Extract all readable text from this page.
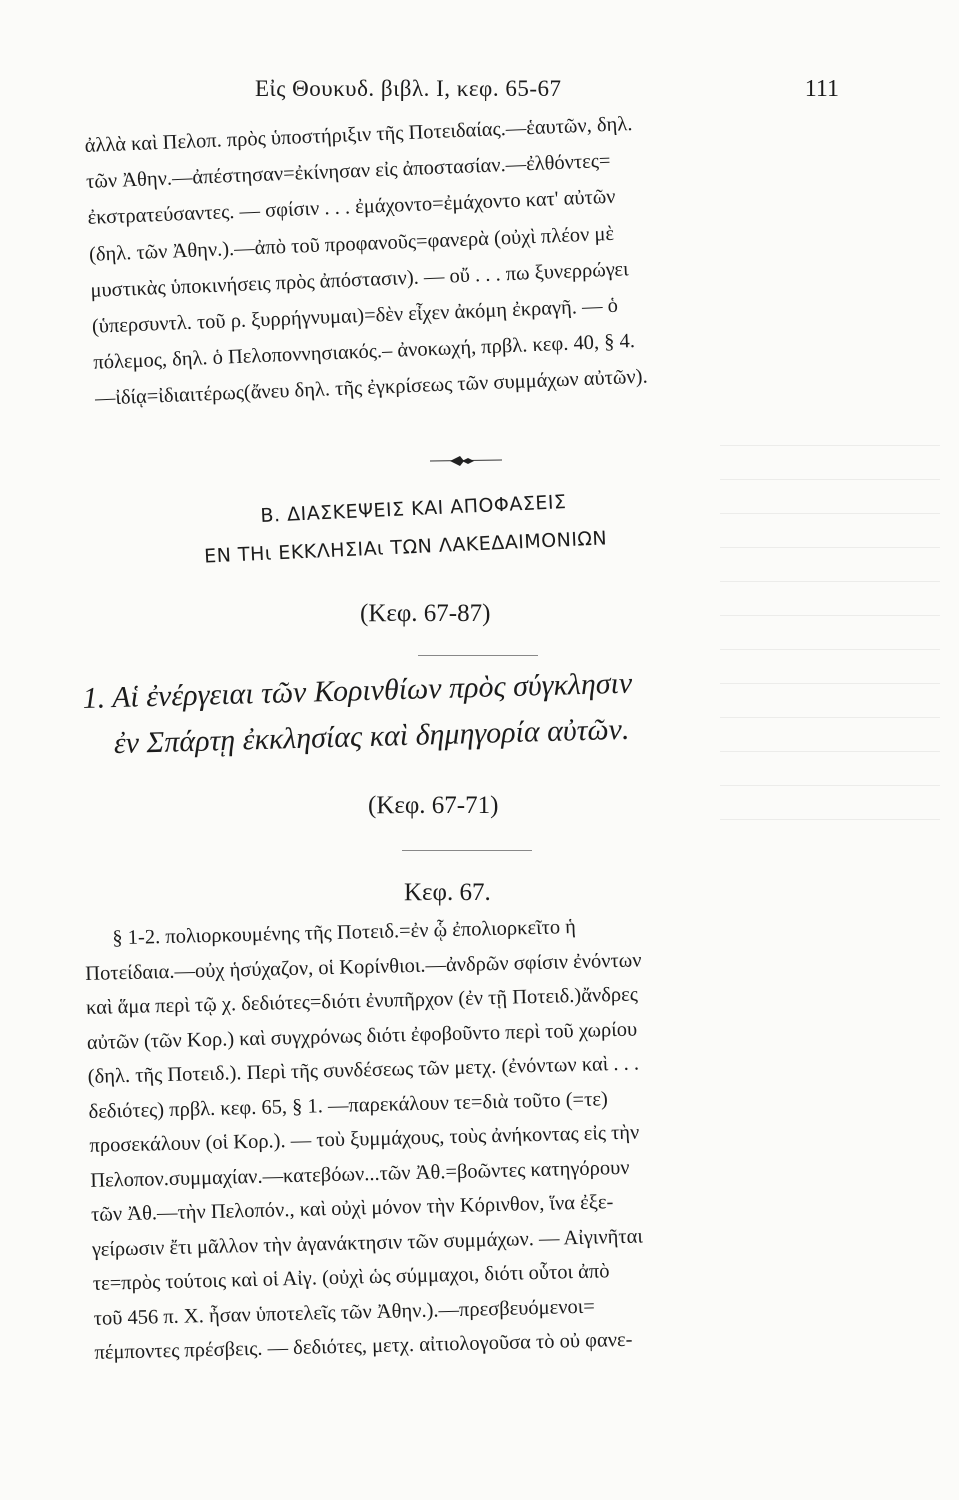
Εἰς Θουκυδ. βιβλ. Ι, κεφ. 65-67	111
ἀλλὰ καὶ Πελοπ. πρὸς ὑποστήριξιν τῆς Ποτειδαίας.—ἑαυτῶν, δηλ.
τῶν Ἀθην.—ἀπέστησαν=ἐκίνησαν εἰς ἀποστασίαν.—ἐλθόντες=
ἐκστρατεύσαντες. — σφίσιν . . . ἐμάχοντο=ἐμάχοντο κατ' αὐτῶν
(δηλ. τῶν Ἀθην.).—ἀπὸ τοῦ προφανοῦς=φανερὰ (οὐχὶ πλέον μὲ
μυστικὰς ὑποκινήσεις πρὸς ἀπόστασιν). — οὔ . . . πω ξυνερρώγει
(ὑπερσυντλ. τοῦ ρ. ξυρρήγνυμαι)=δὲν εἶχεν ἀκόμη ἐκραγῆ. — ὁ
πόλεμος, δηλ. ὁ Πελοποννησιακός.– ἀνοκωχή, πρβλ. κεφ. 40, § 4.
—ἰδίᾳ=ἰδιαιτέρως(ἄνευ δηλ. τῆς ἐγκρίσεως τῶν συμμάχων αὐτῶν).
Β. ΔΙΑΣΚΕΨΕΙΣ ΚΑΙ ΑΠΟΦΑΣΕΙΣ
ΕΝ ΤΗι ΕΚΚΛΗΣΙΑι ΤΩΝ ΛΑΚΕΔΑΙΜΟΝΙΩΝ
(Κεφ. 67-87)
1. Αἱ ἐνέργειαι τῶν Κορινθίων πρὸς σύγκλησιν
ἐν Σπάρτῃ ἐκκλησίας καὶ δημηγορία αὐτῶν.
(Κεφ. 67-71)
Κεφ. 67.
§ 1-2. πολιορκουμένης τῆς Ποτειδ.=ἐν ᾧ ἐπολιορκεῖτο ἡ
Ποτείδαια.—οὐχ ἡσύχαζον, οἱ Κορίνθιοι.—ἀνδρῶν σφίσιν ἐνόντων
καὶ ἅμα περὶ τῷ χ. δεδιότες=διότι ἐνυπῆρχον (ἐν τῇ Ποτειδ.)ἄνδρες
αὐτῶν (τῶν Κορ.) καὶ συγχρόνως διότι ἐφοβοῦντο περὶ τοῦ χωρίου
(δηλ. τῆς Ποτειδ.). Περὶ τῆς συνδέσεως τῶν μετχ. (ἐνόντων καὶ . . .
δεδιότες) πρβλ. κεφ. 65, § 1. —παρεκάλουν τε=διὰ τοῦτο (=τε)
προσεκάλουν (οἱ Κορ.). — τοὺ ξυμμάχους, τοὺς ἀνήκοντας εἰς τὴν
Πελοπον.συμμαχίαν.—κατεβόων...τῶν Ἀθ.=βοῶντες κατηγόρουν
τῶν Ἀθ.—τὴν Πελοπόν., καὶ οὐχὶ μόνον τὴν Κόρινθον, ἵνα ἐξε-
γείρωσιν ἔτι μᾶλλον τὴν ἀγανάκτησιν τῶν συμμάχων. — Αἰγινῆται
τε=πρὸς τούτοις καὶ οἱ Αἰγ. (οὐχὶ ὡς σύμμαχοι, διότι οὗτοι ἀπὸ
τοῦ 456 π. Χ. ἦσαν ὑποτελεῖς τῶν Ἀθην.).—πρεσβευόμενοι=
πέμποντες πρέσβεις. — δεδιότες, μετχ. αἰτιολογοῦσα τὸ οὐ φανε-
